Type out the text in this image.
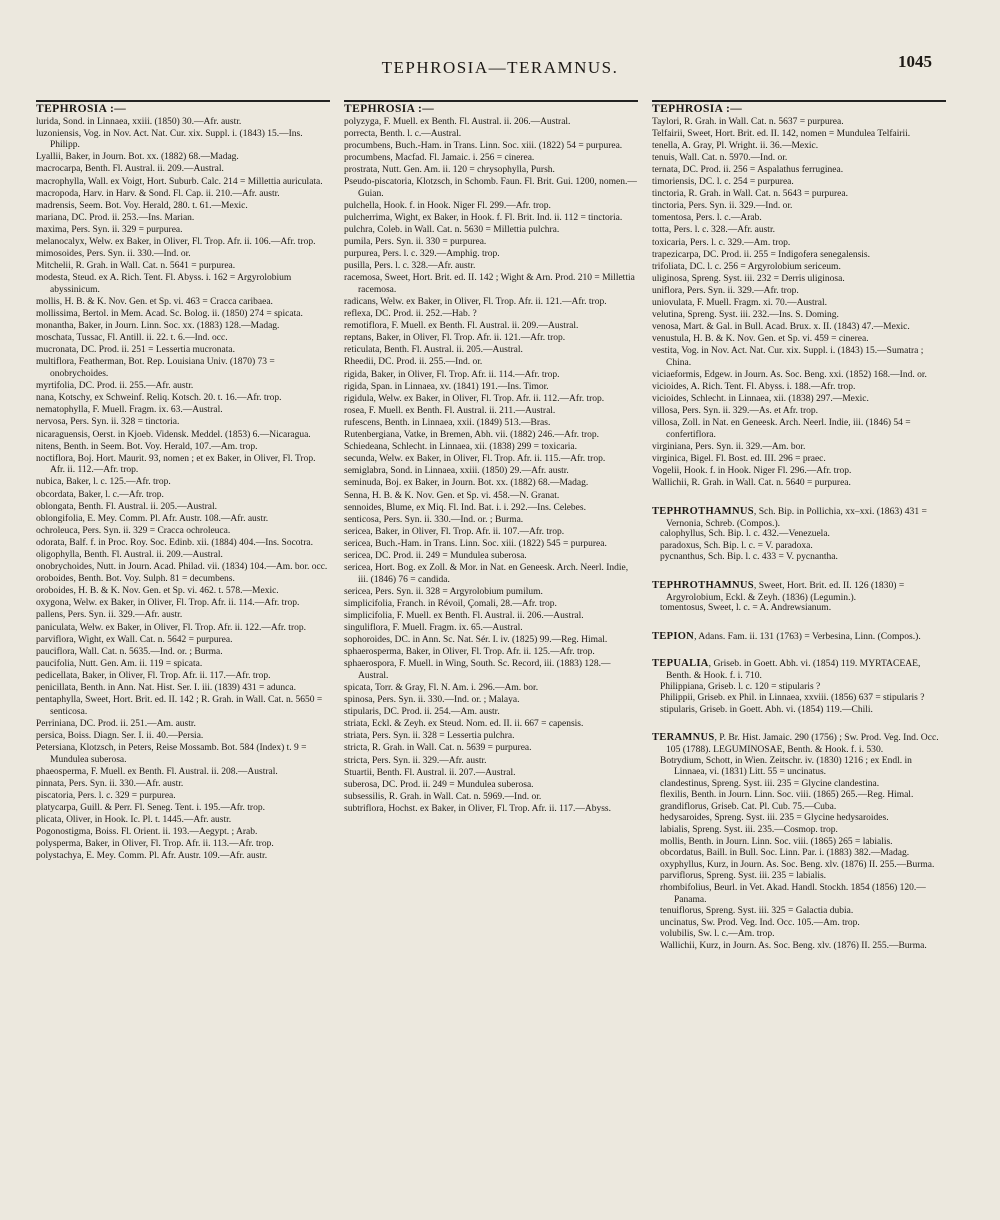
TEPHROSIA—TERAMNUS.	1045
TEPHROSIA :—
lurida, Sond. in Linnaea, xxiii. (1850) 30.—Afr. austr.
luzoniensis, Vog. in Nov. Act. Nat. Cur. xix. Suppl. i. (1843) 15.—Ins. Philipp.
Lyallii, Baker, in Journ. Bot. xx. (1882) 68.—Madag.
macrocarpa, Benth. Fl. Austral. ii. 209.—Austral.
macrophylla, Wall. ex Voigt, Hort. Suburb. Calc. 214 = Millettia auriculata.
macropoda, Harv. in Harv. & Sond. Fl. Cap. ii. 210.—Afr. austr.
madrensis, Seem. Bot. Voy. Herald, 280. t. 61.—Mexic.
mariana, DC. Prod. ii. 253.—Ins. Marian.
maxima, Pers. Syn. ii. 329 = purpurea.
melanocalyx, Welw. ex Baker, in Oliver, Fl. Trop. Afr. ii. 106.—Afr. trop.
mimosoides, Pers. Syn. ii. 330.—Ind. or.
Mitchelii, R. Grah. in Wall. Cat. n. 5641 = purpurea.
modesta, Steud. ex A. Rich. Tent. Fl. Abyss. i. 162 = Argyrolobium abyssinicum.
mollis, H. B. & K. Nov. Gen. et Sp. vi. 463 = Cracca caribaea.
mollissima, Bertol. in Mem. Acad. Sc. Bolog. ii. (1850) 274 = spicata.
monantha, Baker, in Journ. Linn. Soc. xx. (1883) 128.—Madag.
moschata, Tussac, Fl. Antill. ii. 22. t. 6.—Ind. occ.
mucronata, DC. Prod. ii. 251 = Lessertia mucronata.
multiflora, Featherman, Bot. Rep. Louisiana Univ. (1870) 73 = onobrychoides.
myrtifolia, DC. Prod. ii. 255.—Afr. austr.
nana, Kotschy, ex Schweinf. Reliq. Kotsch. 20. t. 16.—Afr. trop.
nematophylla, F. Muell. Fragm. ix. 63.—Austral.
nervosa, Pers. Syn. ii. 328 = tinctoria.
nicaraguensis, Oerst. in Kjoeb. Vidensk. Meddel. (1853) 6.—Nicaragua.
nitens, Benth. in Seem. Bot. Voy. Herald, 107.—Am. trop.
noctiflora, Boj. Hort. Maurit. 93, nomen ; et ex Baker, in Oliver, Fl. Trop. Afr. ii. 112.—Afr. trop.
nubica, Baker, l. c. 125.—Afr. trop.
obcordata, Baker, l. c.—Afr. trop.
oblongata, Benth. Fl. Austral. ii. 205.—Austral.
oblongifolia, E. Mey. Comm. Pl. Afr. Austr. 108.—Afr. austr.
ochroleuca, Pers. Syn. ii. 329 = Cracca ochroleuca.
odorata, Balf. f. in Proc. Roy. Soc. Edinb. xii. (1884) 404.—Ins. Socotra.
oligophylla, Benth. Fl. Austral. ii. 209.—Austral.
onobrychoides, Nutt. in Journ. Acad. Philad. vii. (1834) 104.—Am. bor. occ.
oroboides, Benth. Bot. Voy. Sulph. 81 = decumbens.
oroboides, H. B. & K. Nov. Gen. et Sp. vi. 462. t. 578.—Mexic.
oxygona, Welw. ex Baker, in Oliver, Fl. Trop. Afr. ii. 114.—Afr. trop.
pallens, Pers. Syn. ii. 329.—Afr. austr.
paniculata, Welw. ex Baker, in Oliver, Fl. Trop. Afr. ii. 122.—Afr. trop.
parviflora, Wight, ex Wall. Cat. n. 5642 = purpurea.
pauciflora, Wall. Cat. n. 5635.—Ind. or. ; Burma.
paucifolia, Nutt. Gen. Am. ii. 119 = spicata.
pedicellata, Baker, in Oliver, Fl. Trop. Afr. ii. 117.—Afr. trop.
penicillata, Benth. in Ann. Nat. Hist. Ser. I. iii. (1839) 431 = adunca.
pentaphylla, Sweet, Hort. Brit. ed. II. 142 ; R. Grah. in Wall. Cat. n. 5650 = senticosa.
Perriniana, DC. Prod. ii. 251.—Am. austr.
persica, Boiss. Diagn. Ser. I. ii. 40.—Persia.
Petersiana, Klotzsch, in Peters, Reise Mossamb. Bot. 584 (Index) t. 9 = Mundulea suberosa.
phaeosperma, F. Muell. ex Benth. Fl. Austral. ii. 208.—Austral.
pinnata, Pers. Syn. ii. 330.—Afr. austr.
piscatoria, Pers. l. c. 329 = purpurea.
platycarpa, Guill. & Perr. Fl. Seneg. Tent. i. 195.—Afr. trop.
plicata, Oliver, in Hook. Ic. Pl. t. 1445.—Afr. austr.
Pogonostigma, Boiss. Fl. Orient. ii. 193.—Aegypt. ; Arab.
polysperma, Baker, in Oliver, Fl. Trop. Afr. ii. 113.—Afr. trop.
polystachya, E. Mey. Comm. Pl. Afr. Austr. 109.—Afr. austr.
TEPHROSIA :—
polyzyga, F. Muell. ex Benth. Fl. Austral. ii. 206.—Austral.
porrecta, Benth. l. c.—Austral.
procumbens, Buch.-Ham. in Trans. Linn. Soc. xiii. (1822) 54 = purpurea.
procumbens, Macfad. Fl. Jamaic. i. 256 = cinerea.
prostrata, Nutt. Gen. Am. ii. 120 = chrysophylla, Pursh.
Pseudo-piscatoria, Klotzsch, in Schomb. Faun. Fl. Brit. Gui. 1200, nomen.—Guian.
pulchella, Hook. f. in Hook. Niger Fl. 299.—Afr. trop.
pulcherrima, Wight, ex Baker, in Hook. f. Fl. Brit. Ind. ii. 112 = tinctoria.
pulchra, Coleb. in Wall. Cat. n. 5630 = Millettia pulchra.
pumila, Pers. Syn. ii. 330 = purpurea.
purpurea, Pers. l. c. 329.—Amphig. trop.
pusilla, Pers. l. c. 328.—Afr. austr.
racemosa, Sweet, Hort. Brit. ed. II. 142 ; Wight & Arn. Prod. 210 = Millettia racemosa.
radicans, Welw. ex Baker, in Oliver, Fl. Trop. Afr. ii. 121.—Afr. trop.
reflexa, DC. Prod. ii. 252.—Hab. ?
remotiflora, F. Muell. ex Benth. Fl. Austral. ii. 209.—Austral.
reptans, Baker, in Oliver, Fl. Trop. Afr. ii. 121.—Afr. trop.
reticulata, Benth. Fl. Austral. ii. 205.—Austral.
Rheedii, DC. Prod. ii. 255.—Ind. or.
rigida, Baker, in Oliver, Fl. Trop. Afr. ii. 114.—Afr. trop.
rigida, Span. in Linnaea, xv. (1841) 191.—Ins. Timor.
rigidula, Welw. ex Baker, in Oliver, Fl. Trop. Afr. ii. 112.—Afr. trop.
rosea, F. Muell. ex Benth. Fl. Austral. ii. 211.—Austral.
rufescens, Benth. in Linnaea, xxii. (1849) 513.—Bras.
Rutenbergiana, Vatke, in Bremen, Abh. vii. (1882) 246.—Afr. trop.
Schiedeana, Schlecht. in Linnaea, xii. (1838) 299 = toxicaria.
secunda, Welw. ex Baker, in Oliver, Fl. Trop. Afr. ii. 115.—Afr. trop.
semiglabra, Sond. in Linnaea, xxiii. (1850) 29.—Afr. austr.
seminuda, Boj. ex Baker, in Journ. Bot. xx. (1882) 68.—Madag.
Senna, H. B. & K. Nov. Gen. et Sp. vi. 458.—N. Granat.
sennoides, Blume, ex Miq. Fl. Ind. Bat. i. i. 292.—Ins. Celebes.
senticosa, Pers. Syn. ii. 330.—Ind. or. ; Burma.
sericea, Baker, in Oliver, Fl. Trop. Afr. ii. 107.—Afr. trop.
sericea, Buch.-Ham. in Trans. Linn. Soc. xiii. (1822) 545 = purpurea.
sericea, DC. Prod. ii. 249 = Mundulea suberosa.
sericea, Hort. Bog. ex Zoll. & Mor. in Nat. en Geneesk. Arch. Neerl. Indie, iii. (1846) 76 = candida.
sericea, Pers. Syn. ii. 328 = Argyrolobium pumilum.
simplicifolia, Franch. in Révoil, Çomali, 28.—Afr. trop.
simplicifolia, F. Muell. ex Benth. Fl. Austral. ii. 206.—Austral.
singuliflora, F. Muell. Fragm. ix. 65.—Austral.
sophoroides, DC. in Ann. Sc. Nat. Sér. I. iv. (1825) 99.—Reg. Himal.
sphaerosperma, Baker, in Oliver, Fl. Trop. Afr. ii. 125.—Afr. trop.
sphaerospora, F. Muell. in Wing, South. Sc. Record, iii. (1883) 128.—Austral.
spicata, Torr. & Gray, Fl. N. Am. i. 296.—Am. bor.
spinosa, Pers. Syn. ii. 330.—Ind. or. ; Malaya.
stipularis, DC. Prod. ii. 254.—Am. austr.
striata, Eckl. & Zeyh. ex Steud. Nom. ed. II. ii. 667 = capensis.
striata, Pers. Syn. ii. 328 = Lessertia pulchra.
stricta, R. Grah. in Wall. Cat. n. 5639 = purpurea.
stricta, Pers. Syn. ii. 329.—Afr. austr.
Stuartii, Benth. Fl. Austral. ii. 207.—Austral.
suberosa, DC. Prod. ii. 249 = Mundulea suberosa.
subsessilis, R. Grah. in Wall. Cat. n. 5969.—Ind. or.
subtriflora, Hochst. ex Baker, in Oliver, Fl. Trop. Afr. ii. 117.—Abyss.
TEPHROSIA :—
Taylori, R. Grah. in Wall. Cat. n. 5637 = purpurea.
Telfairii, Sweet, Hort. Brit. ed. II. 142, nomen = Mundulea Telfairii.
tenella, A. Gray, Pl. Wright. ii. 36.—Mexic.
tenuis, Wall. Cat. n. 5970.—Ind. or.
ternata, DC. Prod. ii. 256 = Aspalathus ferruginea.
timoriensis, DC. l. c. 254 = purpurea.
tinctoria, R. Grah. in Wall. Cat. n. 5643 = purpurea.
tinctoria, Pers. Syn. ii. 329.—Ind. or.
tomentosa, Pers. l. c.—Arab.
totta, Pers. l. c. 328.—Afr. austr.
toxicaria, Pers. l. c. 329.—Am. trop.
trapezicarpa, DC. Prod. ii. 255 = Indigofera senegalensis.
trifoliata, DC. l. c. 256 = Argyrolobium sericeum.
uliginosa, Spreng. Syst. iii. 232 = Derris uliginosa.
uniflora, Pers. Syn. ii. 329.—Afr. trop.
uniovulata, F. Muell. Fragm. xi. 70.—Austral.
velutina, Spreng. Syst. iii. 232.—Ins. S. Doming.
venosa, Mart. & Gal. in Bull. Acad. Brux. x. II. (1843) 47.—Mexic.
venustula, H. B. & K. Nov. Gen. et Sp. vi. 459 = cinerea.
vestita, Vog. in Nov. Act. Nat. Cur. xix. Suppl. i. (1843) 15.—Sumatra ; China.
viciaeformis, Edgew. in Journ. As. Soc. Beng. xxi. (1852) 168.—Ind. or.
vicioides, A. Rich. Tent. Fl. Abyss. i. 188.—Afr. trop.
vicioides, Schlecht. in Linnaea, xii. (1838) 297.—Mexic.
villosa, Pers. Syn. ii. 329.—As. et Afr. trop.
villosa, Zoll. in Nat. en Geneesk. Arch. Neerl. Indie, iii. (1846) 54 = confertiflora.
virginiana, Pers. Syn. ii. 329.—Am. bor.
virginica, Bigel. Fl. Bost. ed. III. 296 = praec.
Vogelii, Hook. f. in Hook. Niger Fl. 296.—Afr. trop.
Wallichii, R. Grah. in Wall. Cat. n. 5640 = purpurea.
TEPHROTHAMNUS, Sch. Bip. in Pollichia, xx–xxi. (1863) 431 = Vernonia, Schreb. (Compos.).
calophyllus, Sch. Bip. l. c. 432.—Venezuela.
paradoxus, Sch. Bip. l. c. = V. paradoxa.
pycnanthus, Sch. Bip. l. c. 433 = V. pycnantha.
TEPHROTHAMNUS, Sweet, Hort. Brit. ed. II. 126 (1830) = Argyrolobium, Eckl. & Zeyh. (1836) (Legumin.).
tomentosus, Sweet, l. c. = A. Andrewsianum.
TEPION, Adans. Fam. ii. 131 (1763) = Verbesina, Linn. (Compos.).
TEPUALIA, Griseb. in Goett. Abh. vi. (1854) 119. MYRTACEAE, Benth. & Hook. f. i. 710.
Philippiana, Griseb. l. c. 120 = stipularis ?
Philippii, Griseb. ex Phil. in Linnaea, xxviii. (1856) 637 = stipularis ?
stipularis, Griseb. in Goett. Abh. vi. (1854) 119.—Chili.
TERAMNUS, P. Br. Hist. Jamaic. 290 (1756) ; Sw. Prod. Veg. Ind. Occ. 105 (1788). LEGUMINOSAE, Benth. & Hook. f. i. 530.
Botrydium, Schott, in Wien. Zeitschr. iv. (1830) 1216 ; ex Endl. in Linnaea, vi. (1831) Litt. 55 = uncinatus.
clandestinus, Spreng. Syst. iii. 235 = Glycine clandestina.
flexilis, Benth. in Journ. Linn. Soc. viii. (1865) 265.—Reg. Himal.
grandiflorus, Griseb. Cat. Pl. Cub. 75.—Cuba.
hedysaroides, Spreng. Syst. iii. 235 = Glycine hedysaroides.
labialis, Spreng. Syst. iii. 235.—Cosmop. trop.
mollis, Benth. in Journ. Linn. Soc. viii. (1865) 265 = labialis.
obcordatus, Baill. in Bull. Soc. Linn. Par. i. (1883) 382.—Madag.
oxyphyllus, Kurz, in Journ. As. Soc. Beng. xlv. (1876) II. 255.—Burma.
parviflorus, Spreng. Syst. iii. 235 = labialis.
rhombifolius, Beurl. in Vet. Akad. Handl. Stockh. 1854 (1856) 120.—Panama.
tenuiflorus, Spreng. Syst. iii. 325 = Galactia dubia.
uncinatus, Sw. Prod. Veg. Ind. Occ. 105.—Am. trop.
volubilis, Sw. l. c.—Am. trop.
Wallichii, Kurz, in Journ. As. Soc. Beng. xlv. (1876) II. 255.—Burma.
